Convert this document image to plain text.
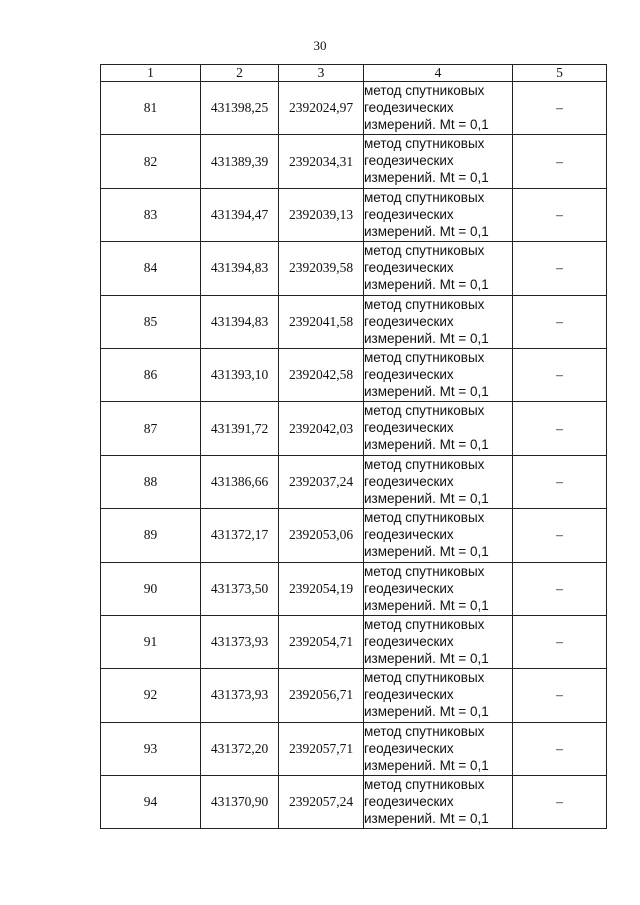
30
1	2	3	4	5
81	431398,25	2392024,97	метод спутниковых
геодезических
измерений. Mt = 0,1	–
82	431389,39	2392034,31	метод спутниковых
геодезических
измерений. Mt = 0,1	–
83	431394,47	2392039,13	метод спутниковых
геодезических
измерений. Mt = 0,1	–
84	431394,83	2392039,58	метод спутниковых
геодезических
измерений. Mt = 0,1	–
85	431394,83	2392041,58	метод спутниковых
геодезических
измерений. Mt = 0,1	–
86	431393,10	2392042,58	метод спутниковых
геодезических
измерений. Mt = 0,1	–
87	431391,72	2392042,03	метод спутниковых
геодезических
измерений. Mt = 0,1	–
88	431386,66	2392037,24	метод спутниковых
геодезических
измерений. Mt = 0,1	–
89	431372,17	2392053,06	метод спутниковых
геодезических
измерений. Mt = 0,1	–
90	431373,50	2392054,19	метод спутниковых
геодезических
измерений. Mt = 0,1	–
91	431373,93	2392054,71	метод спутниковых
геодезических
измерений. Mt = 0,1	–
92	431373,93	2392056,71	метод спутниковых
геодезических
измерений. Mt = 0,1	–
93	431372,20	2392057,71	метод спутниковых
геодезических
измерений. Mt = 0,1	–
94	431370,90	2392057,24	метод спутниковых
геодезических
измерений. Mt = 0,1	–
